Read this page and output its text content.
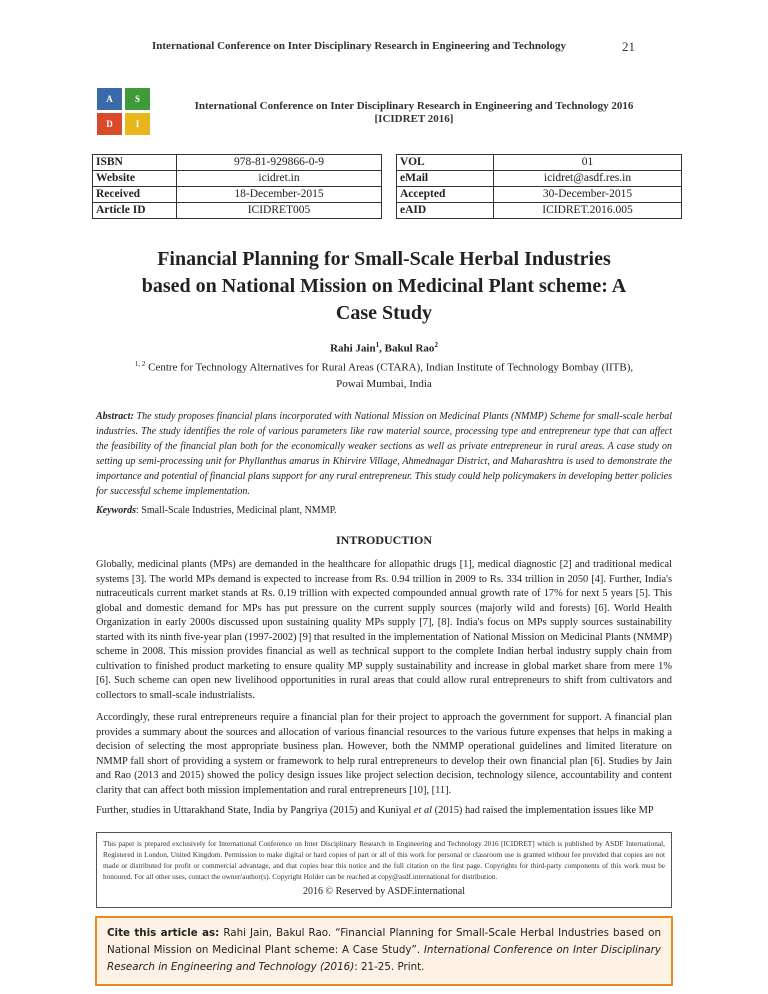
International Conference on Inter Disciplinary Research in Engineering and Technology	21
A	S
D	I
International Conference on Inter Disciplinary Research in Engineering and Technology 2016
[ICIDRET 2016]
ISBN	978-81-929866-0-9
Website	icidret.in
Received	18-December-2015
Article ID	ICIDRET005
VOL	01
eMail	icidret@asdf.res.in
Accepted	30-December-2015
eAID	ICIDRET.2016.005
Financial Planning for Small-Scale Herbal Industries
based on National Mission on Medicinal Plant scheme: A
Case Study
Rahi Jain$^1$, Bakul Rao$^2$
$^{1, 2}$ Centre for Technology Alternatives for Rural Areas (CTARA), Indian Institute of Technology Bombay (IITB), Powai Mumbai, India
Abstract: The study proposes financial plans incorporated with National Mission on Medicinal Plants (NMMP) Scheme for small-scale herbal industries. The study identifies the role of various parameters like raw material source, processing type and entrepreneur type that can affect the feasibility of the financial plan both for the economically weaker sections as well as private entrepreneur in rural areas. A case study on setting up semi-processing unit for Phyllanthus amarus in Khirvire Village, Ahmednagar District, and Maharashtra is used to demonstrate the importance and potential of financial plans support for any rural entrepreneur. This study could help policymakers in developing better policies for successful scheme implementation.
Keywords: Small-Scale Industries, Medicinal plant, NMMP.
INTRODUCTION
Globally, medicinal plants (MPs) are demanded in the healthcare for allopathic drugs [1], medical diagnostic [2] and traditional medical systems [3]. The world MPs demand is expected to increase from Rs. 0.94 trillion in 2009 to Rs. 334 trillion in 2050 [4]. Further, India's nutraceuticals current market stands at Rs. 0.19 trillion with expected compounded annual growth rate of 17% for next 5 years [5]. This global and domestic demand for MPs has put pressure on the current supply sources (majorly wild and forests) [6]. World Health Organization in early 2000s discussed upon sustaining quality MPs supply [7], [8]. India's focus on MPs supply sources sustainability started with its ninth five-year plan (1997-2002) [9] that resulted in the implementation of National Mission on Medicinal Plants (NMMP) scheme in 2008. This mission provides financial as well as technical support to the complete Indian herbal industry supply chain from cultivation to finished product marketing to ensure quality MP supply sustainability and increase in global market share from mere 1% [6]. Such scheme can open new livelihood opportunities in rural areas that could allow rural entrepreneurs to shift from cultivators and collectors to small-scale industrialists.
Accordingly, these rural entrepreneurs require a financial plan for their project to approach the government for support. A financial plan provides a summary about the sources and allocation of various financial resources to the various future expenses that helps in making a decision of selecting the most appropriate business plan. However, both the NMMP operational guidelines and limited literature on NMMP fall short of providing a system or framework to help rural entrepreneurs to develop their own financial plan [6]. Studies by Jain and Rao (2013 and 2015) showed the policy design issues like project selection decision, technology silence, accountability and content clarity that can affect both mission implementation and rural entrepreneurs [10], [11].
Further, studies in Uttarakhand State, India by Pangriya (2015) and Kuniyal et al (2015) had raised the implementation issues like MP
This paper is prepared exclusively for International Conference on Inter Disciplinary Research in Engineering and Technology 2016 [ICIDRET] which is published by ASDF International, Registered in London, United Kingdom. Permission to make digital or hard copies of part or all of this work for personal or classroom use is granted without fee provided that copies are not made or distributed for profit or commercial advantage, and that copies bear this notice and the full citation on the first page. Copyrights for third-party components of this work must be honoured. For all other uses, contact the owner/author(s). Copyright Holder can be reached at copy@asdf.international for distribution.
2016 © Reserved by ASDF.international
Cite this article as: Rahi Jain, Bakul Rao. “Financial Planning for Small-Scale Herbal Industries based on National Mission on Medicinal Plant scheme: A Case Study”. International Conference on Inter Disciplinary Research in Engineering and Technology (2016): 21-25. Print.
